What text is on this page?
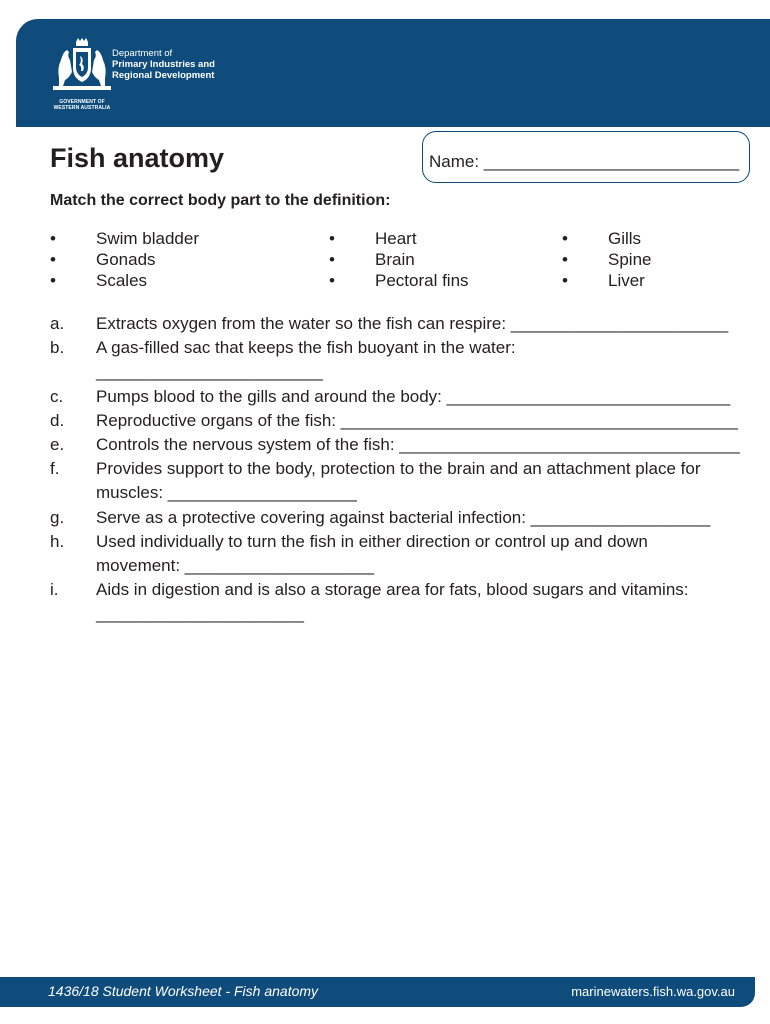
GOVERNMENT OF
WESTERN AUSTRALIA
Department of
Primary Industries and
Regional Development
Fish anatomy	Name: ___________________________
Match the correct body part to the definition:
• Swim bladder
• Gonads
• Scales
• Heart
• Brain
• Pectoral fins
• Gills
• Spine
• Liver
a. Extracts oxygen from the water so the fish can respire: _______________________
b. A gas-filled sac that keeps the fish buoyant in the water: ________________________
c. Pumps blood to the gills and around the body: ______________________________
d. Reproductive organs of the fish: __________________________________________
e. Controls the nervous system of the fish: ____________________________________
f. Provides support to the body, protection to the brain and an attachment place for muscles: ____________________
g. Serve as a protective covering against bacterial infection: ___________________
h. Used individually to turn the fish in either direction or control up and down movement: ____________________
i. Aids in digestion and is also a storage area for fats, blood sugars and vitamins: ______________________
1436/18 Student Worksheet - Fish anatomy	marinewaters.fish.wa.gov.au
